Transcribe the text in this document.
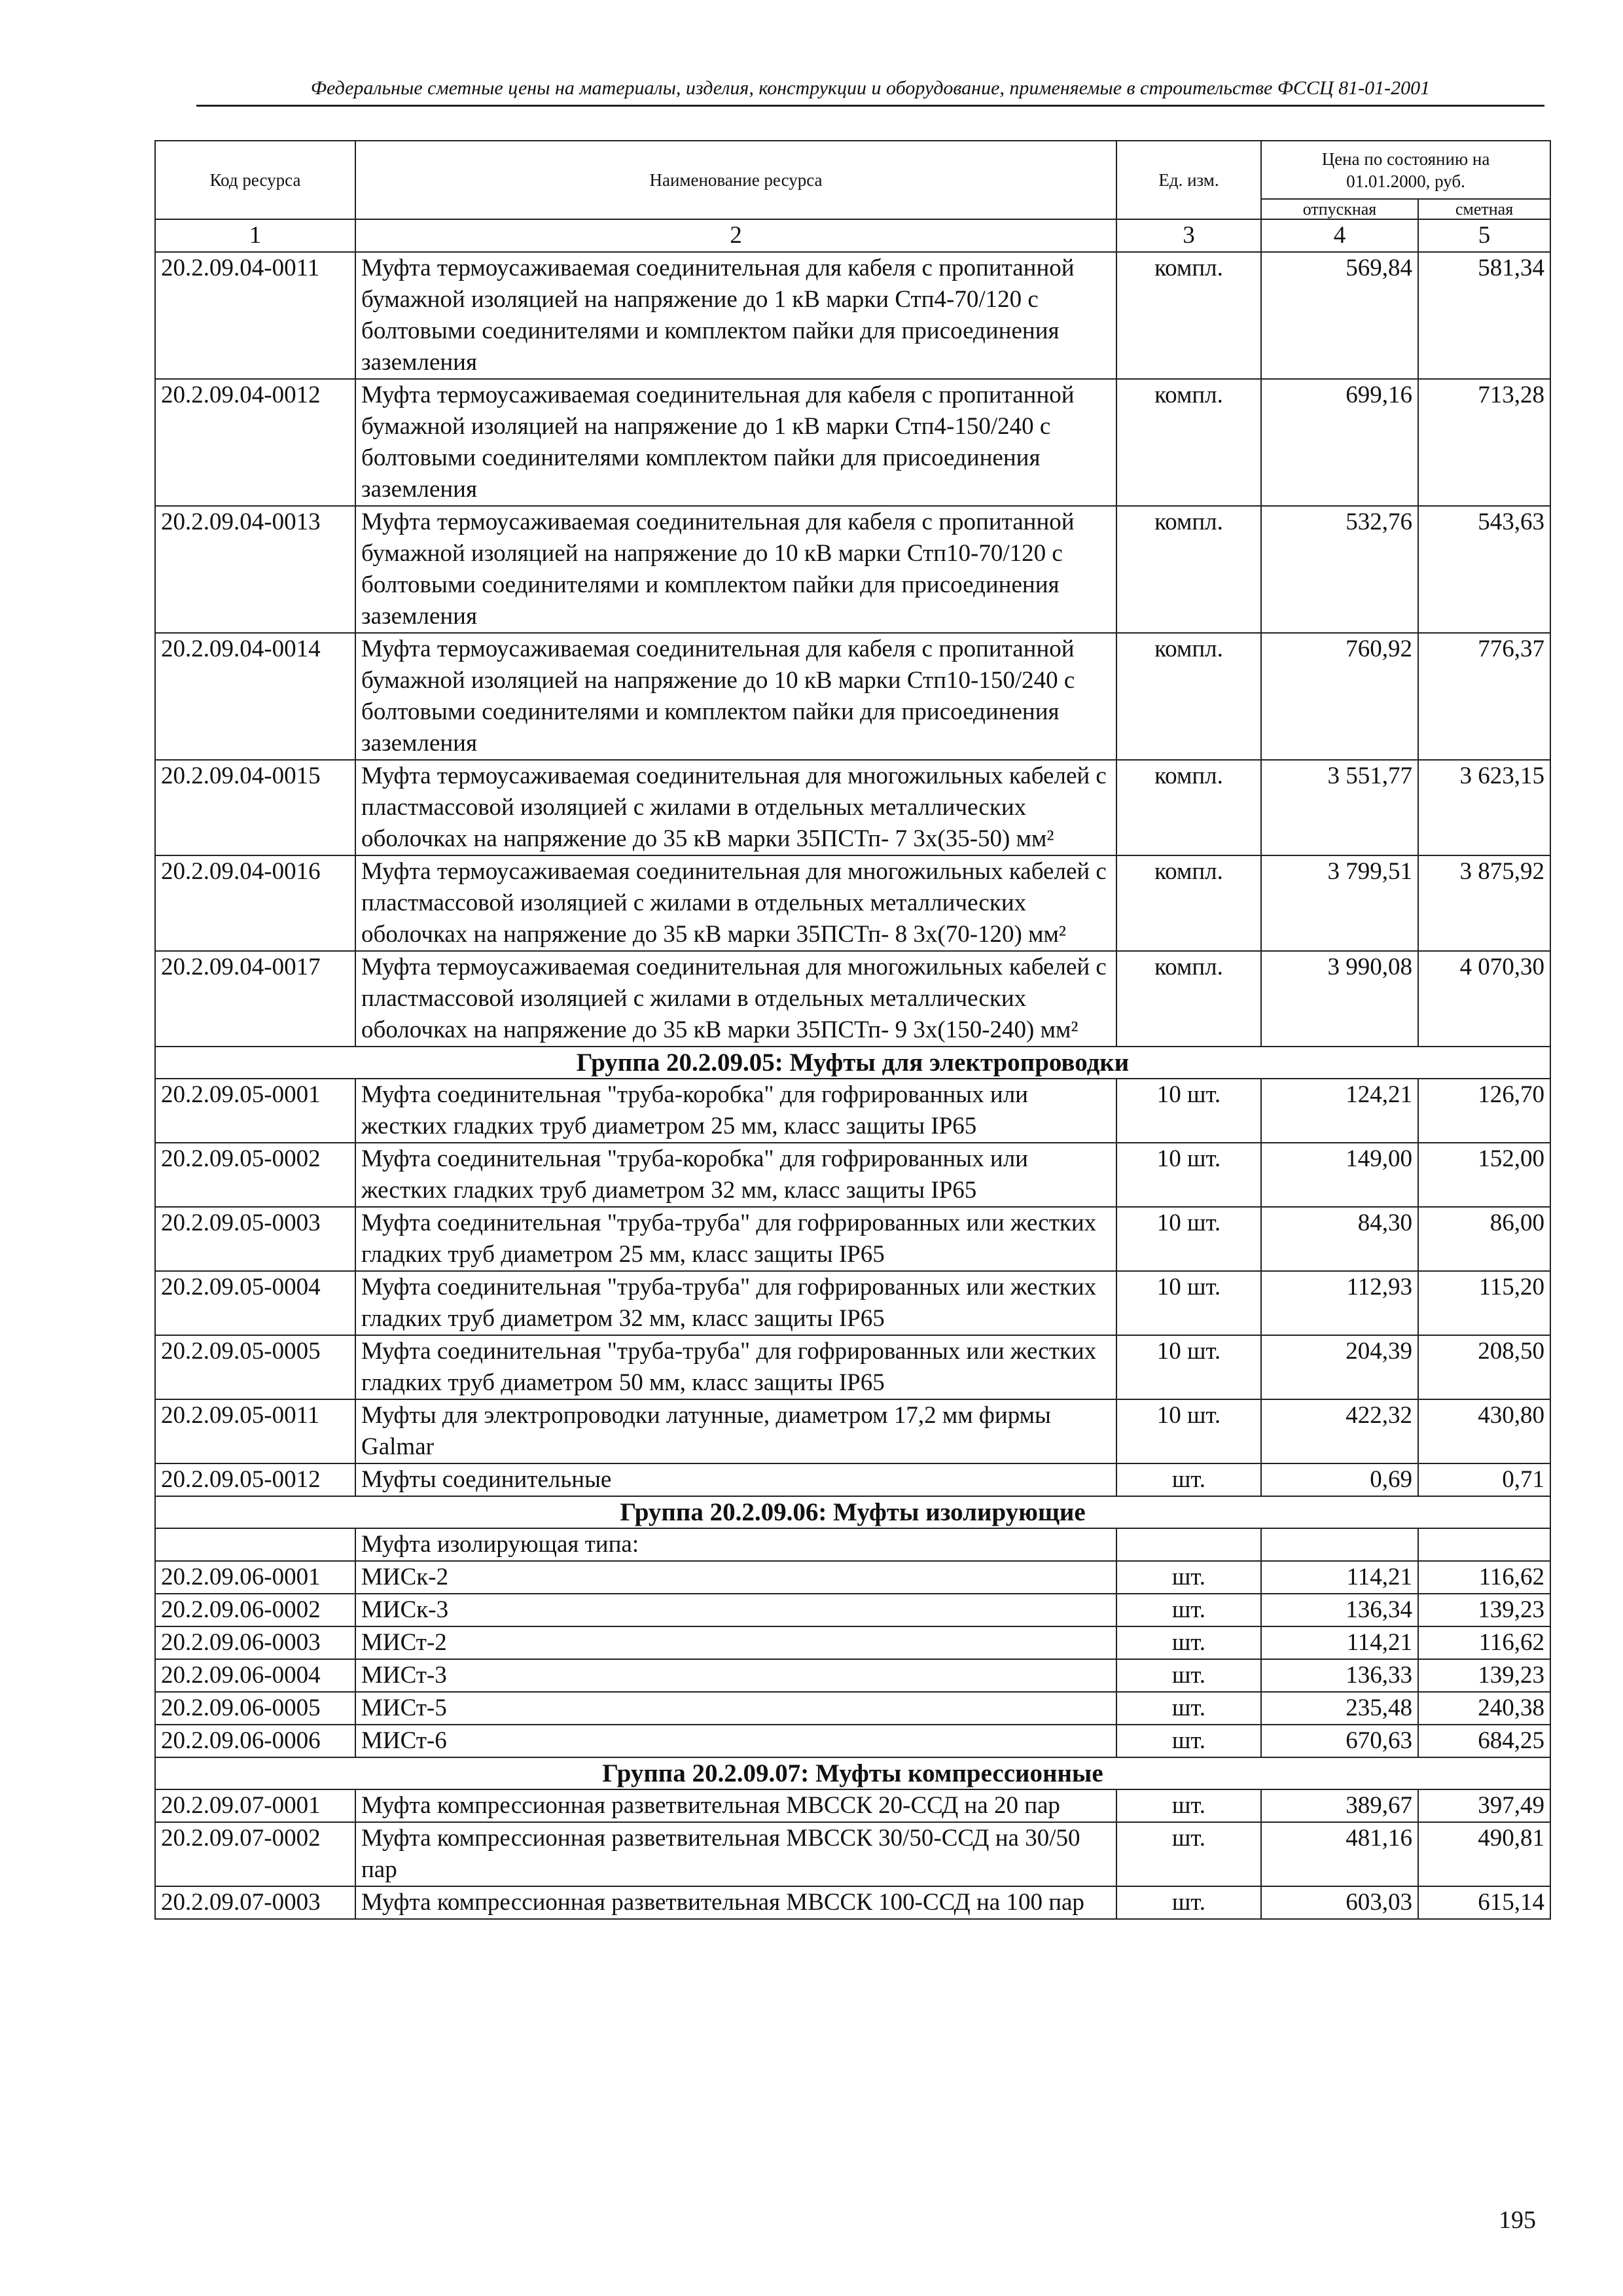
Федеральные сметные цены на материалы, изделия, конструкции и оборудование, применяемые в строительстве ФССЦ 81-01-2001
Код ресурса	Наименование ресурса	Ед. изм.	Цена по состоянию на 01.01.2000, руб.	
			отпускная	сметная
1	2	3	4	5
20.2.09.04-0011	Муфта термоусаживаемая соединительная для кабеля с пропитанной бумажной изоляцией на напряжение до 1 кВ марки Стп4-70/120 с болтовыми соединителями и комплектом пайки для присоединения заземления	компл.	569,84	581,34
20.2.09.04-0012	Муфта термоусаживаемая соединительная для кабеля с пропитанной бумажной изоляцией на напряжение до 1 кВ марки Стп4-150/240 с болтовыми соединителями комплектом пайки для присоединения заземления	компл.	699,16	713,28
20.2.09.04-0013	Муфта термоусаживаемая соединительная для кабеля с пропитанной бумажной изоляцией на напряжение до 10 кВ марки Стп10-70/120 с болтовыми соединителями и комплектом пайки для присоединения заземления	компл.	532,76	543,63
20.2.09.04-0014	Муфта термоусаживаемая соединительная для кабеля с пропитанной бумажной изоляцией на напряжение до 10 кВ марки Стп10-150/240 с болтовыми соединителями и комплектом пайки для присоединения заземления	компл.	760,92	776,37
20.2.09.04-0015	Муфта термоусаживаемая соединительная для многожильных кабелей с пластмассовой изоляцией с жилами в отдельных металлических оболочках на напряжение до 35 кВ марки 35ПСТп- 7 3х(35-50) мм²	компл.	3 551,77	3 623,15
20.2.09.04-0016	Муфта термоусаживаемая соединительная для многожильных кабелей с пластмассовой изоляцией с жилами в отдельных металлических оболочках на напряжение до 35 кВ марки 35ПСТп- 8 3х(70-120) мм²	компл.	3 799,51	3 875,92
20.2.09.04-0017	Муфта термоусаживаемая соединительная для многожильных кабелей с пластмассовой изоляцией с жилами в отдельных металлических оболочках на напряжение до 35 кВ марки 35ПСТп- 9 3х(150-240) мм²	компл.	3 990,08	4 070,30
Группа 20.2.09.05: Муфты для электропроводки				
20.2.09.05-0001	Муфта соединительная "труба-коробка" для гофрированных или жестких гладких труб диаметром 25 мм, класс защиты IP65	10 шт.	124,21	126,70
20.2.09.05-0002	Муфта соединительная "труба-коробка" для гофрированных или жестких гладких труб диаметром 32 мм, класс защиты IP65	10 шт.	149,00	152,00
20.2.09.05-0003	Муфта соединительная "труба-труба" для гофрированных или жестких гладких труб диаметром 25 мм, класс защиты IP65	10 шт.	84,30	86,00
20.2.09.05-0004	Муфта соединительная "труба-труба" для гофрированных или жестких гладких труб диаметром 32 мм, класс защиты IP65	10 шт.	112,93	115,20
20.2.09.05-0005	Муфта соединительная "труба-труба" для гофрированных или жестких гладких труб диаметром 50 мм, класс защиты IP65	10 шт.	204,39	208,50
20.2.09.05-0011	Муфты для электропроводки латунные, диаметром 17,2 мм фирмы Galmar	10 шт.	422,32	430,80
20.2.09.05-0012	Муфты соединительные	шт.	0,69	0,71
Группа 20.2.09.06: Муфты изолирующие				
	Муфта изолирующая типа:			
20.2.09.06-0001	МИСк-2	шт.	114,21	116,62
20.2.09.06-0002	МИСк-3	шт.	136,34	139,23
20.2.09.06-0003	МИСт-2	шт.	114,21	116,62
20.2.09.06-0004	МИСт-3	шт.	136,33	139,23
20.2.09.06-0005	МИСт-5	шт.	235,48	240,38
20.2.09.06-0006	МИСт-6	шт.	670,63	684,25
Группа 20.2.09.07: Муфты компрессионные				
20.2.09.07-0001	Муфта компрессионная разветвительная МВССК 20-ССД на 20 пар	шт.	389,67	397,49
20.2.09.07-0002	Муфта компрессионная разветвительная МВССК 30/50-ССД на 30/50 пар	шт.	481,16	490,81
20.2.09.07-0003	Муфта компрессионная разветвительная МВССК 100-ССД на 100 пар	шт.	603,03	615,14
195
